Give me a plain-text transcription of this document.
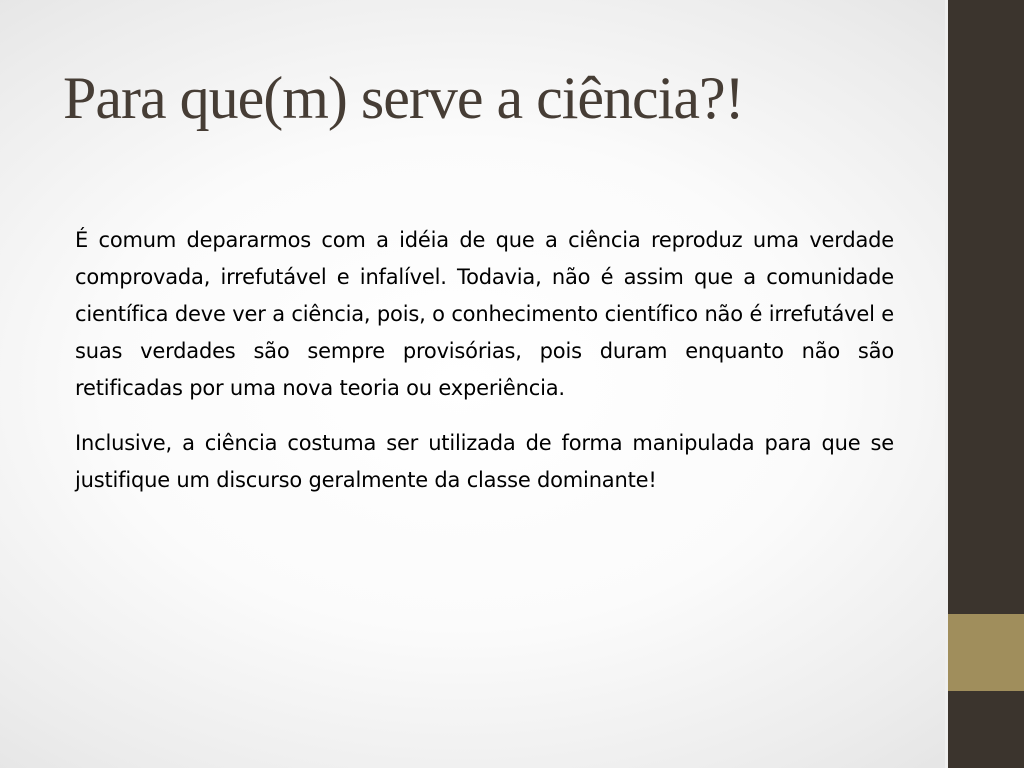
Para que(m) serve a ciência?!

É comum depararmos com a idéia de que a ciência reproduz uma verdade comprovada, irrefutável e infalível. Todavia, não é assim que a comunidade científica deve ver a ciência, pois, o conhecimento científico não é irrefutável e suas verdades são sempre provisórias, pois duram enquanto não são retificadas por uma nova teoria ou experiência.

Inclusive, a ciência costuma ser utilizada de forma manipulada para que se justifique um discurso geralmente da classe dominante!
